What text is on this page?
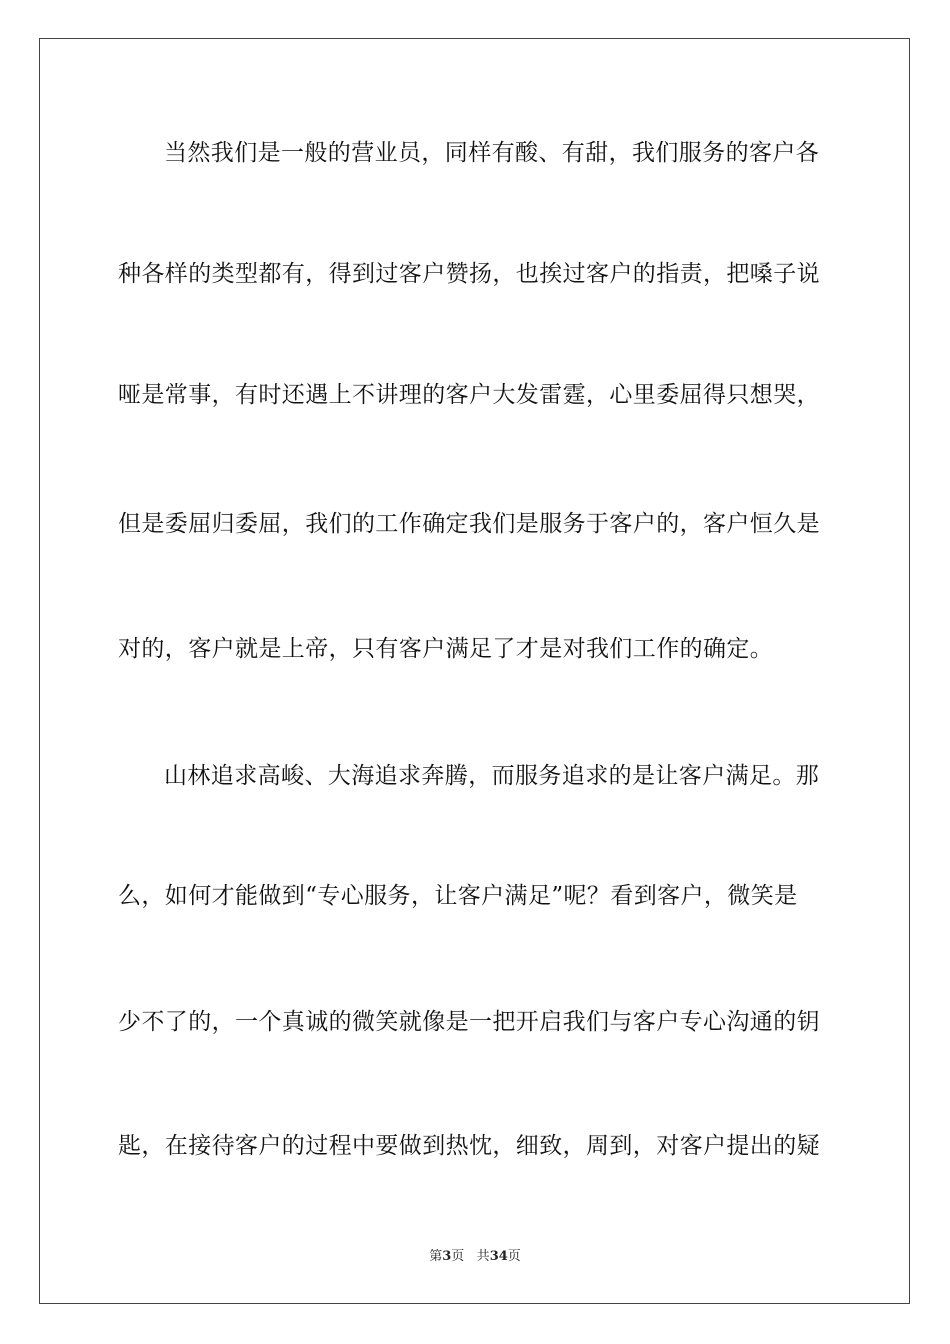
当然我们是一般的营业员，同样有酸、有甜，我们服务的客户各
种各样的类型都有，得到过客户赞扬，也挨过客户的指责，把嗓子说
哑是常事，有时还遇上不讲理的客户大发雷霆，心里委屈得只想哭，
但是委屈归委屈，我们的工作确定我们是服务于客户的，客户恒久是
对的，客户就是上帝，只有客户满足了才是对我们工作的确定。
山林追求高峻、大海追求奔腾，而服务追求的是让客户满足。那
么，如何才能做到“专心服务，让客户满足”呢？看到客户，微笑是
少不了的，一个真诚的微笑就像是一把开启我们与客户专心沟通的钥
匙，在接待客户的过程中要做到热忱，细致，周到，对客户提出的疑
第3页 共34页
